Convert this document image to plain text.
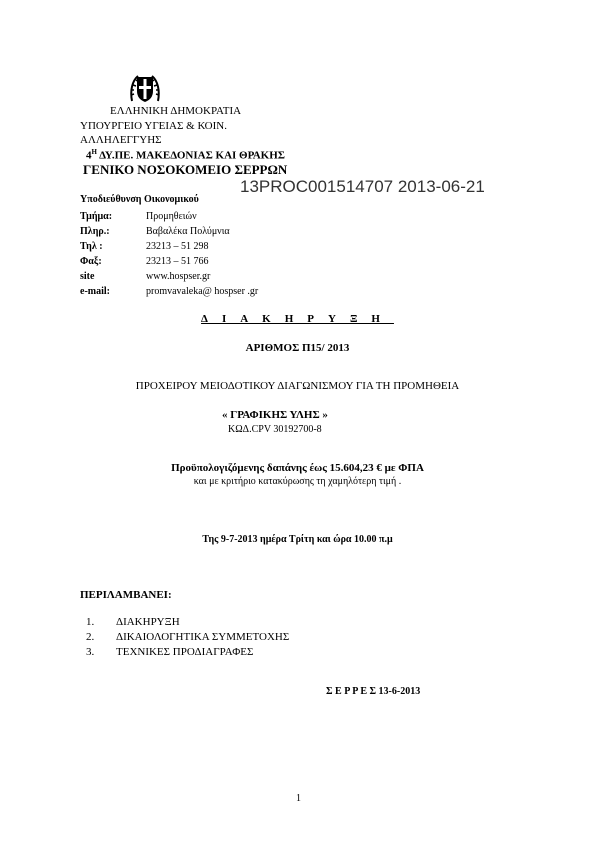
ΕΛΛΗΝΙΚΗ ΔΗΜΟΚΡΑΤΙΑ
ΥΠΟΥΡΓΕΙΟ ΥΓΕΙΑΣ & ΚΟΙΝ.
ΑΛΛΗΛΕΓΓΥΗΣ
$4^H$ ΔΥ.ΠΕ. ΜΑΚΕΔΟΝΙΑΣ ΚΑΙ ΘΡΑΚΗΣ
ΓΕΝΙΚΟ ΝΟΣΟΚΟΜΕΙΟ ΣΕΡΡΩΝ
13PROC001514707 2013-06-21
Υποδιεύθυνση Οικονομικού
Τμήμα:	Προμηθειών
Πληρ.:	Βαβαλέκα Πολύμνια
Τηλ :	23213 – 51 298
Φαξ:	23213 – 51 766
site	www.hospser.gr
e-mail:	promvavaleka@ hospser .gr
ΔΙΑΚΗΡΥΞΗ
ΑΡΙΘΜΟΣ Π15/ 2013
ΠΡΟΧΕΙΡΟΥ ΜΕΙΟΔΟΤΙΚΟΥ ΔΙΑΓΩΝΙΣΜΟΥ ΓΙΑ ΤΗ ΠΡΟΜΗΘΕΙΑ
« ΓΡΑΦΙΚΗΣ ΥΛΗΣ »
ΚΩΔ.CPV 30192700-8
Προϋπολογιζόμενης δαπάνης έως 15.604,23 € με ΦΠΑ
και με κριτήριο κατακύρωσης τη χαμηλότερη τιμή .
Της 9-7-2013 ημέρα Τρίτη και ώρα 10.00 π.μ
ΠΕΡΙΛΑΜΒΑΝΕΙ:
1.	ΔΙΑΚΗΡΥΞΗ
2.	ΔΙΚΑΙΟΛΟΓΗΤΙΚΑ ΣΥΜΜΕΤΟΧΗΣ
3.	ΤΕΧΝΙΚΕΣ ΠΡΟΔΙΑΓΡΑΦΕΣ
Σ Ε Ρ Ρ Ε Σ 13-6-2013
1
